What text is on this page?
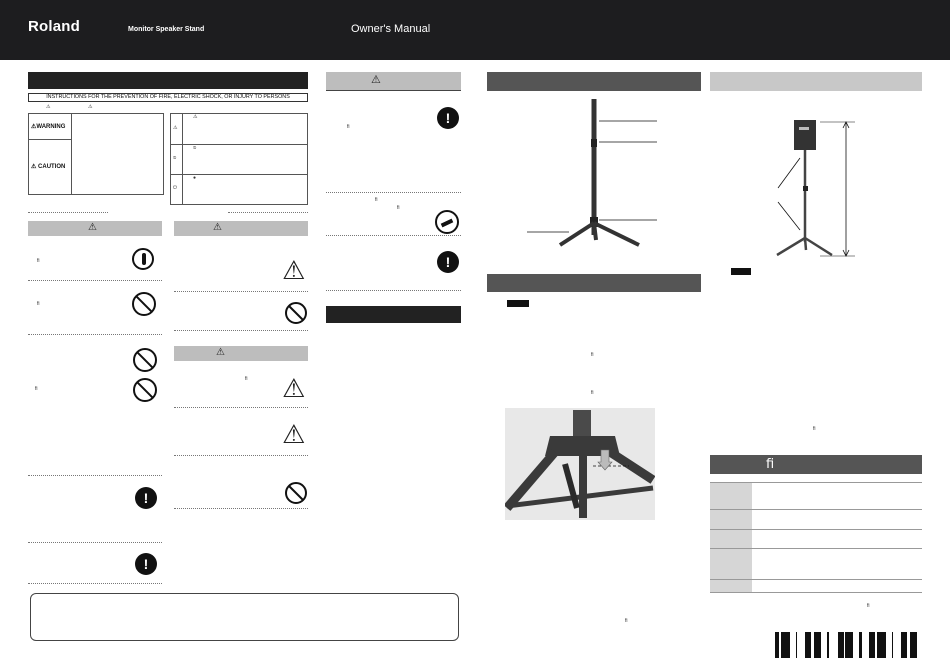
Roland	Monitor Speaker Stand	Owner's Manual
INSTRUCTIONS FOR THE PREVENTION OF FIRE, ELECTRIC SHOCK, OR INJURY TO PERSONS
⚠	⚠
⚠WARNING
⚠ CAUTION
⚠
⚠
⦸
⦸
⏻
●
⚠
ﬁ
ﬁ
ﬁ
!
!
⚠
⚠
⚠
ﬁ ⚠
⚠
⚠
ﬁ
!
ﬁ
ﬁ
!
ﬁ
ﬁ
ﬁ
ﬁ
ﬁ
ﬁ
